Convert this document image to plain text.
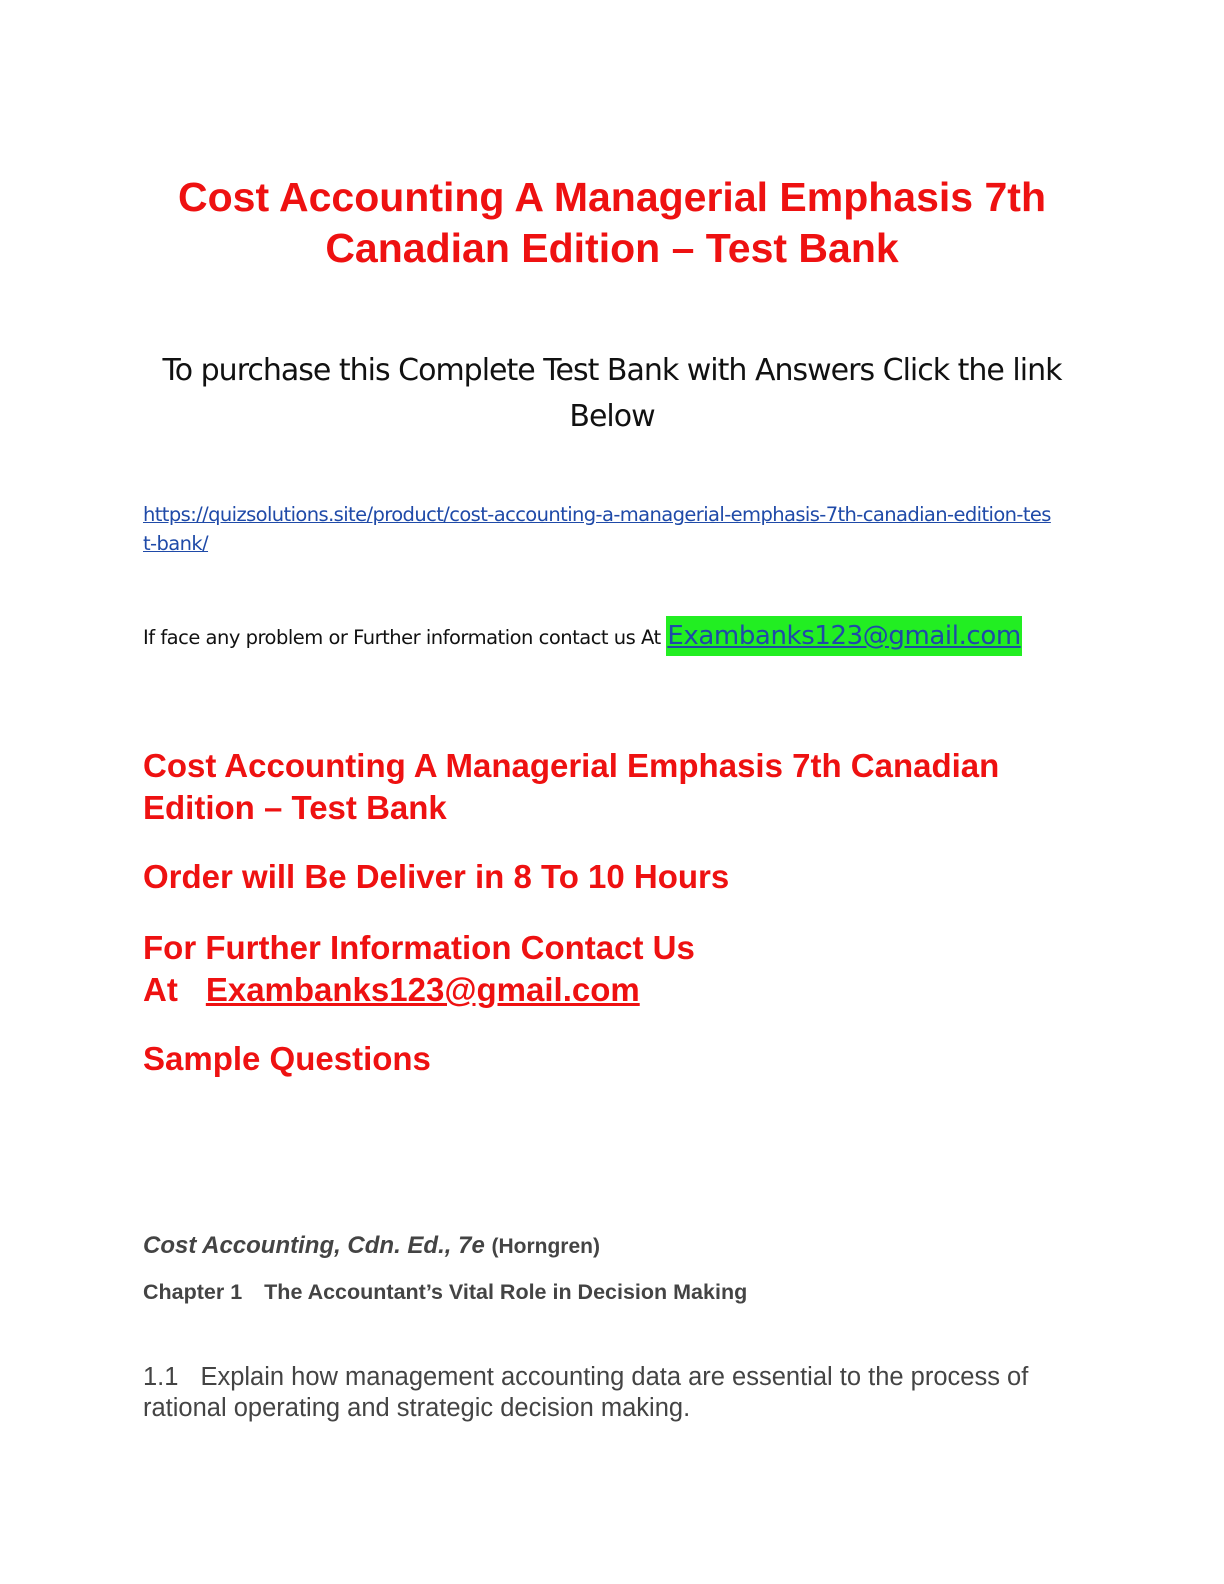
Cost Accounting A Managerial Emphasis 7th Canadian Edition – Test Bank
To purchase this Complete Test Bank with Answers Click the link Below
https://quizsolutions.site/product/cost-accounting-a-managerial-emphasis-7th-canadian-edition-test-bank/
If face any problem or Further information contact us At Exambanks123@gmail.com
Cost Accounting A Managerial Emphasis 7th Canadian Edition – Test Bank
Order will Be Deliver in 8 To 10 Hours
For Further Information Contact Us At Exambanks123@gmail.com
Sample Questions
Cost Accounting, Cdn. Ed., 7e (Horngren)
Chapter 1 The Accountant’s Vital Role in Decision Making
1.1 Explain how management accounting data are essential to the process of rational operating and strategic decision making.
